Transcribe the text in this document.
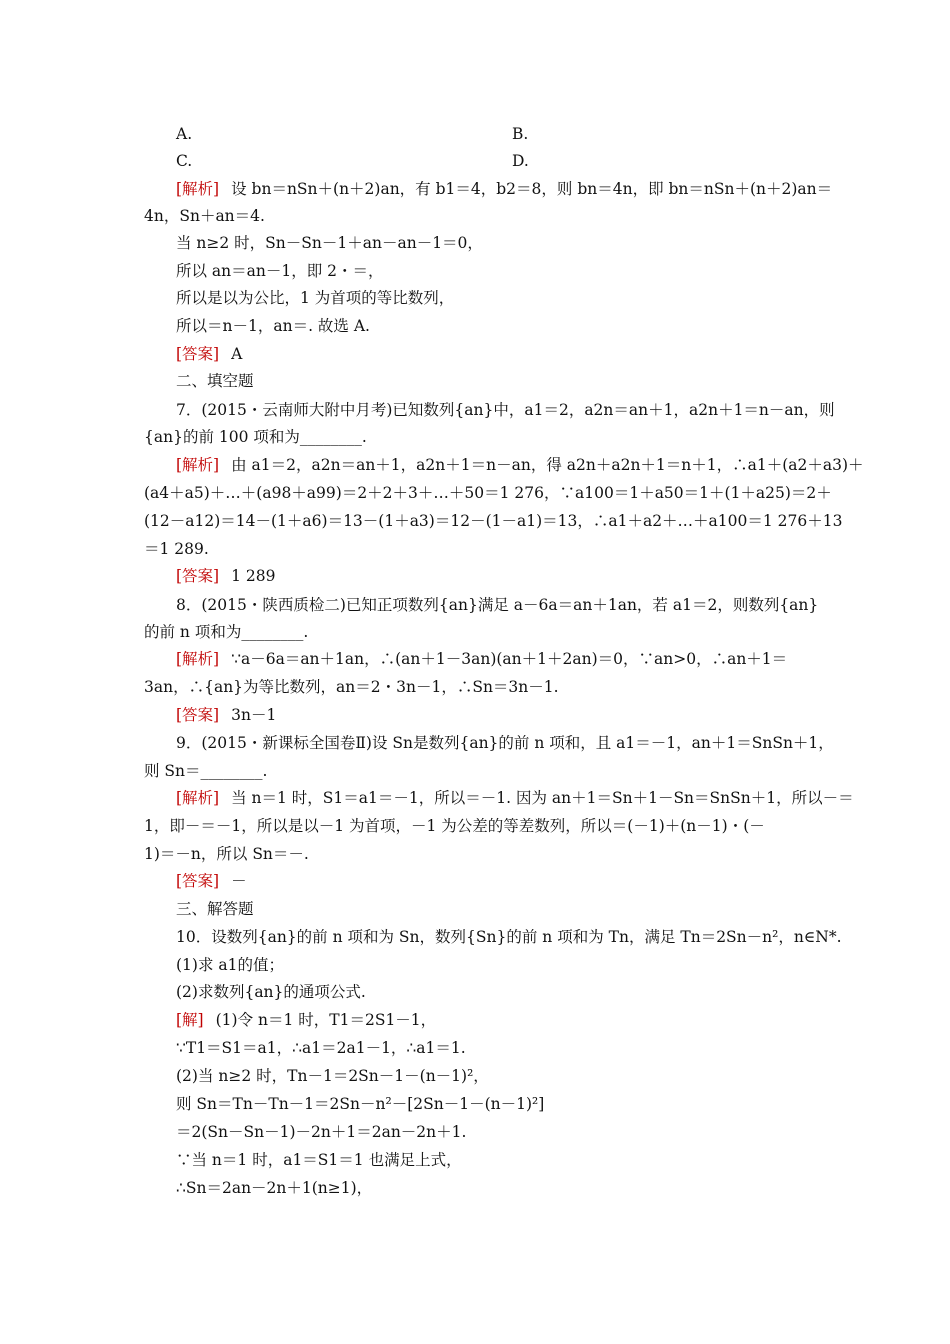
A.	B.
C.	D.
[解析] 设 bn＝nSn＋(n＋2)an，有 b1＝4，b2＝8，则 bn＝4n，即 bn＝nSn＋(n＋2)an＝
4n，Sn＋an＝4.
当 n≥2 时，Sn－Sn－1＋an－an－1＝0，
所以 an＝an－1，即 2・＝，
所以是以为公比，1 为首项的等比数列，
所以＝n－1，an＝. 故选 A.
[答案] A
二、填空题
7．(2015・云南师大附中月考)已知数列{an}中，a1＝2，a2n＝an＋1，a2n＋1＝n－an，则
{an}的前 100 项和为________.
[解析] 由 a1＝2，a2n＝an＋1，a2n＋1＝n－an，得 a2n＋a2n＋1＝n＋1，∴a1＋(a2＋a3)＋
(a4＋a5)＋…＋(a98＋a99)＝2＋2＋3＋…＋50＝1 276，∵a100＝1＋a50＝1＋(1＋a25)＝2＋
(12－a12)＝14－(1＋a6)＝13－(1＋a3)＝12－(1－a1)＝13，∴a1＋a2＋…＋a100＝1 276＋13
＝1 289.
[答案] 1 289
8．(2015・陕西质检二)已知正项数列{an}满足 a－6a＝an＋1an，若 a1＝2，则数列{an}
的前 n 项和为________.
[解析] ∵a－6a＝an＋1an，∴(an＋1－3an)(an＋1＋2an)＝0，∵an>0，∴an＋1＝
3an，∴{an}为等比数列，an＝2・3n－1，∴Sn＝3n－1.
[答案] 3n－1
9．(2015・新课标全国卷Ⅱ)设 Sn是数列{an}的前 n 项和，且 a1＝－1，an＋1＝SnSn＋1，
则 Sn＝________.
[解析] 当 n＝1 时，S1＝a1＝－1，所以＝－1. 因为 an＋1＝Sn＋1－Sn＝SnSn＋1，所以－＝
1，即－＝－1，所以是以－1 为首项，－1 为公差的等差数列，所以＝(－1)＋(n－1)・(－
1)＝－n，所以 Sn＝－.
[答案] －
三、解答题
10．设数列{an}的前 n 项和为 Sn，数列{Sn}的前 n 项和为 Tn，满足 Tn＝2Sn－n²，n∈N*.
(1)求 a1的值；
(2)求数列{an}的通项公式.
[解] (1)令 n＝1 时，T1＝2S1－1，
∵T1＝S1＝a1，∴a1＝2a1－1，∴a1＝1.
(2)当 n≥2 时，Tn－1＝2Sn－1－(n－1)²，
则 Sn＝Tn－Tn－1＝2Sn－n²－[2Sn－1－(n－1)²]
＝2(Sn－Sn－1)－2n＋1＝2an－2n＋1.
∵当 n＝1 时，a1＝S1＝1 也满足上式，
∴Sn＝2an－2n＋1(n≥1)，
